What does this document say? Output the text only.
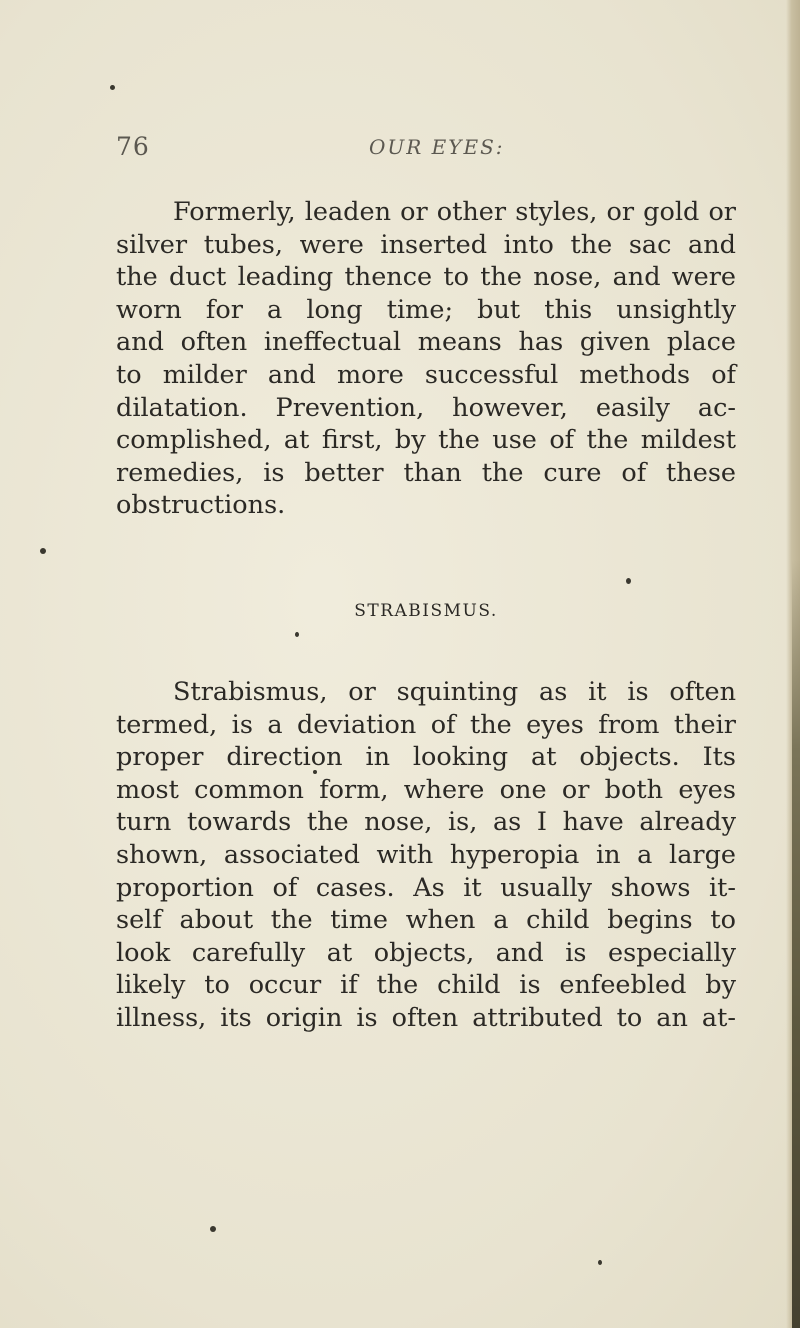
76	OUR EYES:
Formerly, leaden or other styles, or gold or
silver tubes, were inserted into the sac and
the duct leading thence to the nose, and were
worn for a long time; but this unsightly
and often ineffectual means has given place
to milder and more successful methods of
dilatation. Prevention, however, easily ac-
complished, at first, by the use of the mildest
remedies, is better than the cure of these
obstructions.
STRABISMUS.
Strabismus, or squinting as it is often
termed, is a deviation of the eyes from their
proper direction in looking at objects. Its
most common form, where one or both eyes
turn towards the nose, is, as I have already
shown, associated with hyperopia in a large
proportion of cases. As it usually shows it-
self about the time when a child begins to
look carefully at objects, and is especially
likely to occur if the child is enfeebled by
illness, its origin is often attributed to an at-
